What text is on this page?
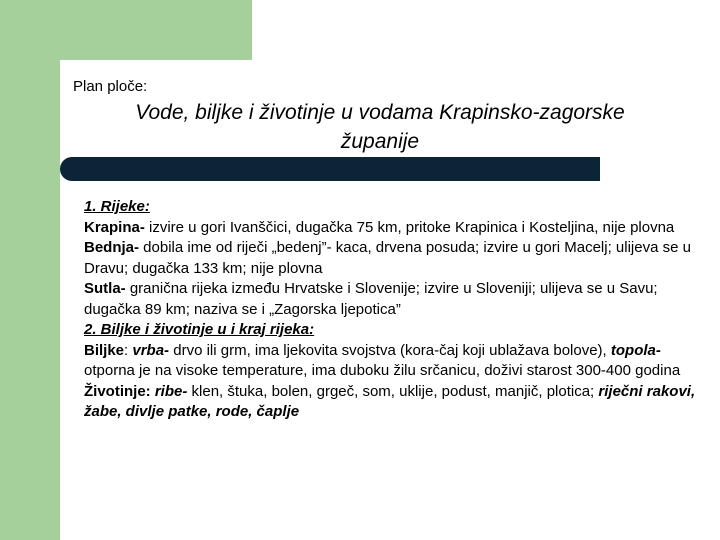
Plan ploče:
Vode, biljke i životinje u vodama Krapinsko-zagorske županije

1. Rijeke:

Krapina- izvire u gori Ivanščici, dugačka 75 km, pritoke Krapinica i Kosteljina, nije plovna

Bednja- dobila ime od riječi „bedenj”- kaca, drvena posuda; izvire u gori Macelj; ulijeva se u Dravu; dugačka 133 km; nije plovna

Sutla- granična rijeka između Hrvatske i Slovenije; izvire u Sloveniji; ulijeva se u Savu; dugačka 89 km; naziva se i „Zagorska ljepotica”

2. Biljke i životinje u i kraj rijeka:

Biljke: vrba- drvo ili grm, ima ljekovita svojstva (kora-čaj koji ublažava bolove), topola- otporna je na visoke temperature, ima duboku žilu srčanicu, doživi starost 300-400 godina

Životinje: ribe- klen, štuka, bolen, grgeč, som, uklije, podust, manjič, plotica; riječni rakovi, žabe, divlje patke, rode, čaplje
